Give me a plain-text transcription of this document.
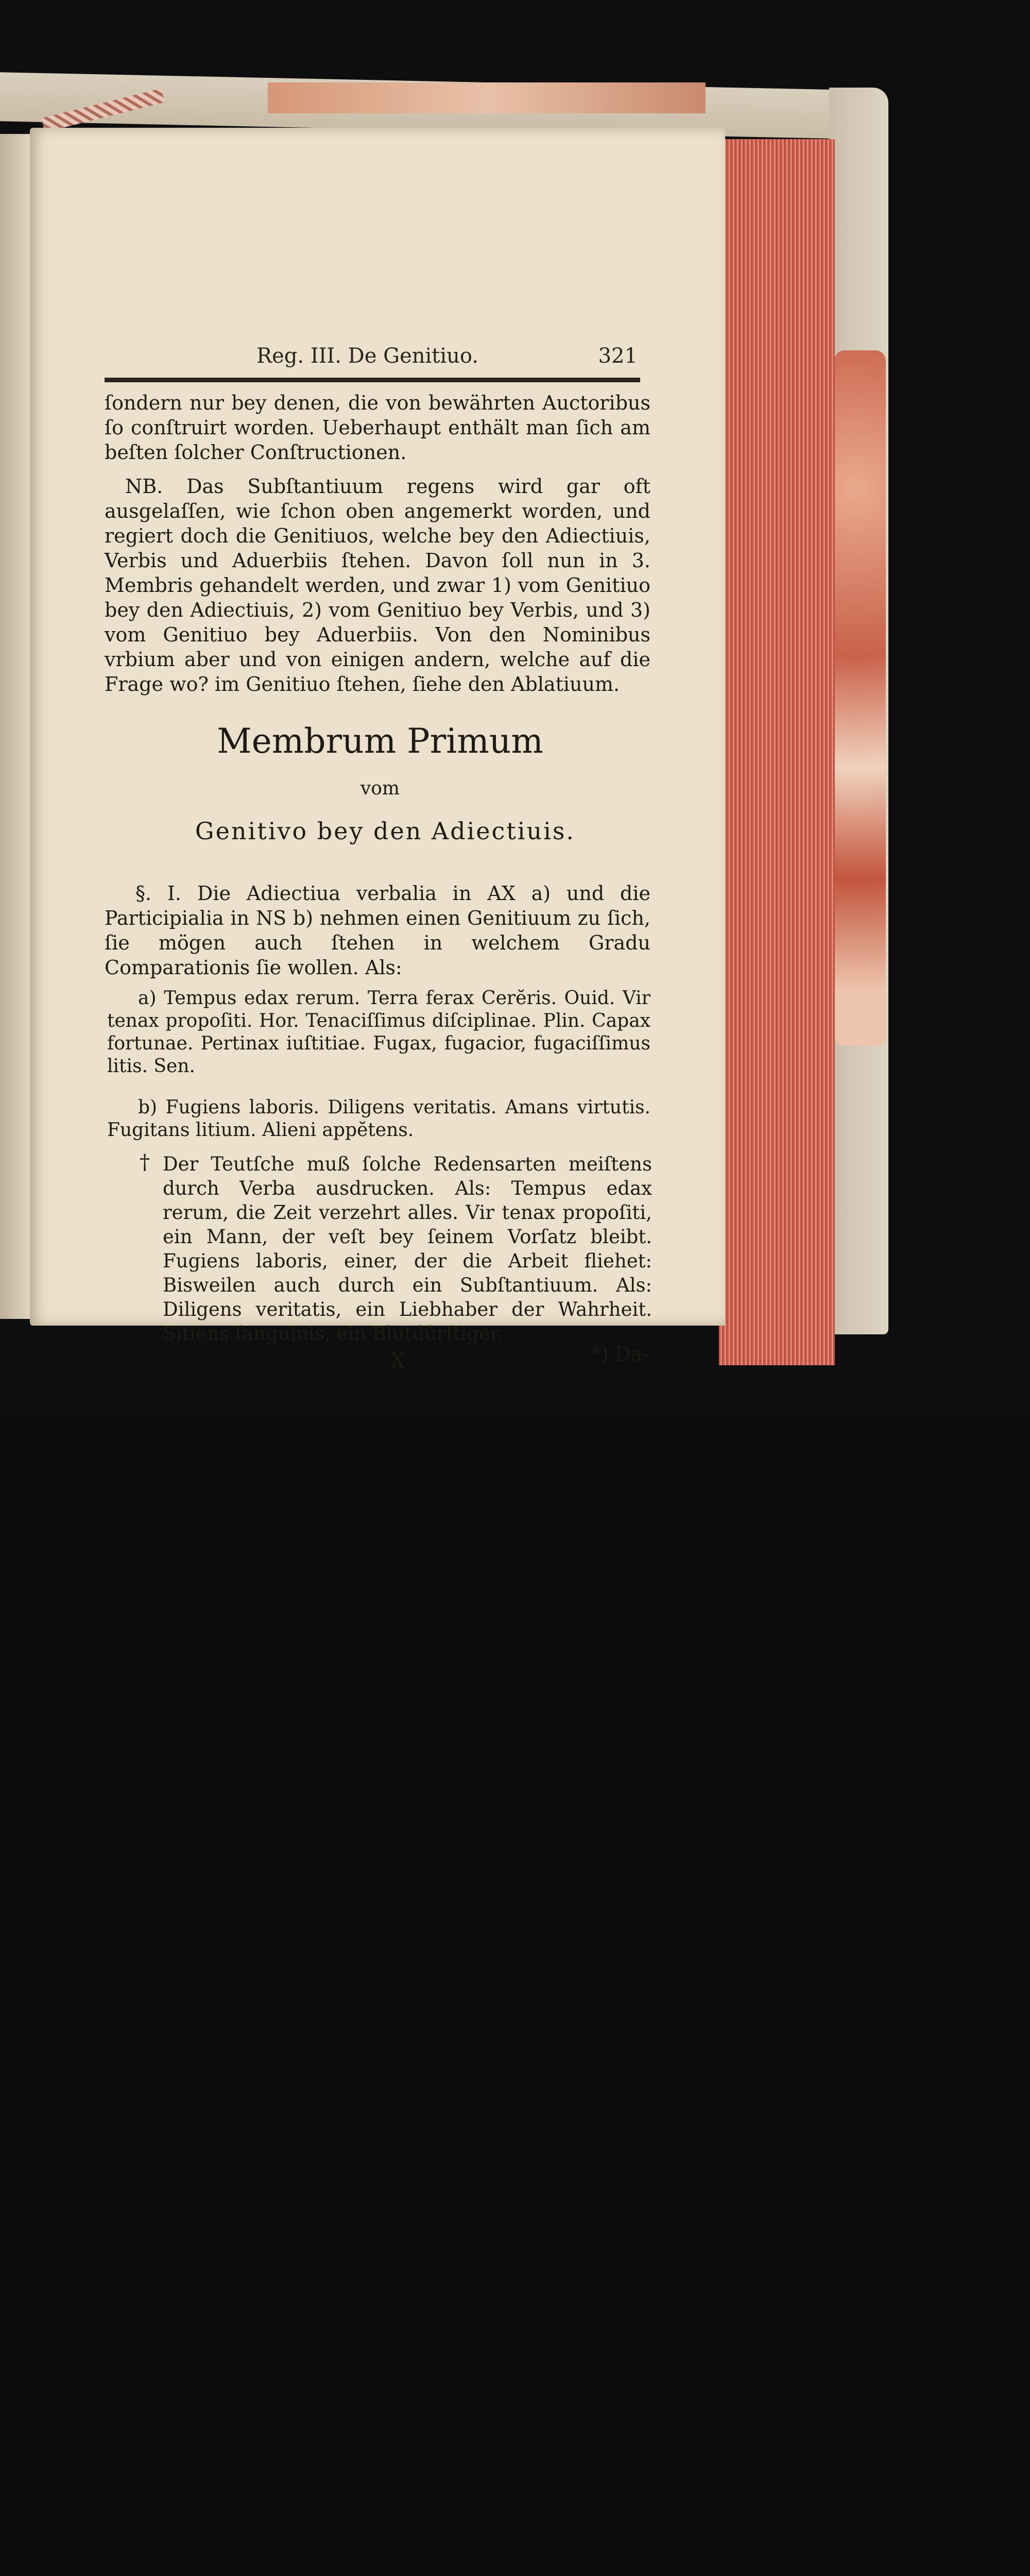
Reg. III. De Genitiuo.	321
ſondern nur bey denen, die von bewährten Auctoribus ſo conſtruirt worden. Ueberhaupt enthält man ſich am beſten ſolcher Conſtructionen.
NB. Das Subſtantiuum regens wird gar oft ausgelaſſen, wie ſchon oben angemerkt worden, und regiert doch die Genitiuos, welche bey den Adiectiuis, Verbis und Aduerbiis ſtehen. Davon ſoll nun in 3. Membris gehandelt werden, und zwar 1) vom Genitiuo bey den Adiectiuis, 2) vom Genitiuo bey Verbis, und 3) vom Genitiuo bey Aduerbiis. Von den Nominibus vrbium aber und von einigen andern, welche auf die Frage wo? im Genitiuo ſtehen, ſiehe den Ablatiuum.
Membrum Primum
vom
Genitivo bey den Adiectiuis.
§. I. Die Adiectiua verbalia in AX a) und die Participialia in NS b) nehmen einen Genitiuum zu ſich, ſie mögen auch ſtehen in welchem Gradu Comparationis ſie wollen. Als:
a) Tempus edax rerum. Terra ferax Cerĕris. Ouid. Vir tenax propoſiti. Hor. Tenaciſſimus diſciplinae. Plin. Capax fortunae. Pertinax iuſtitiae. Fugax, fugacior, fugaciſſimus litis. Sen.
b) Fugiens laboris. Diligens veritatis. Amans virtutis. Fugitans litium. Alieni appĕtens.
† Der Teutſche muß ſolche Redensarten meiſtens durch Verba ausdrucken. Als: Tempus edax rerum, die Zeit verzehrt alles. Vir tenax propoſiti, ein Mann, der veſt bey ſeinem Vorſatz bleibt. Fugiens laboris, einer, der die Arbeit fliehet: Bisweilen auch durch ein Subſtantiuum. Als: Diligens veritatis, ein Liebhaber der Wahrheit. Sitiens ſanguinis, ein Blutdürſtiger.
X	*) Da-
